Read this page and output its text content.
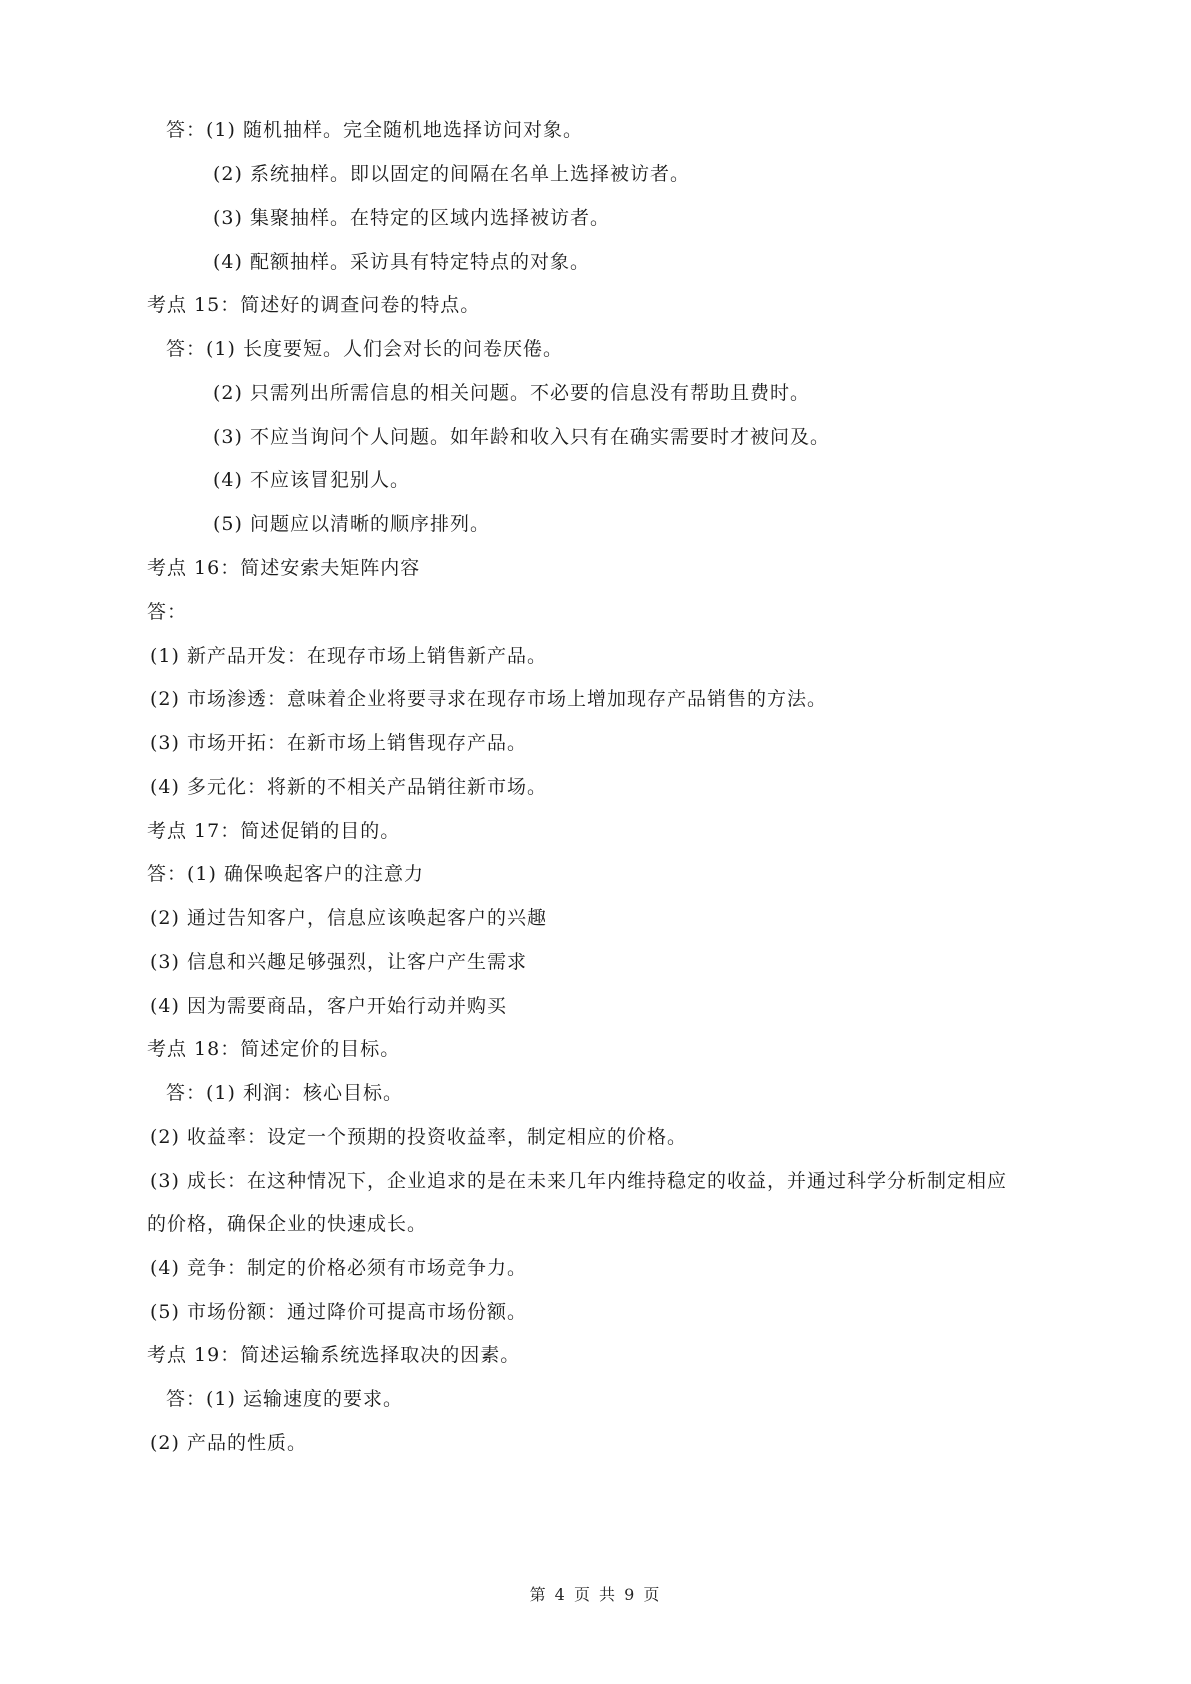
答：(1) 随机抽样。完全随机地选择访问对象。
(2) 系统抽样。即以固定的间隔在名单上选择被访者。
(3) 集聚抽样。在特定的区域内选择被访者。
(4) 配额抽样。采访具有特定特点的对象。
考点 15：简述好的调查问卷的特点。
答：(1) 长度要短。人们会对长的问卷厌倦。
(2) 只需列出所需信息的相关问题。不必要的信息没有帮助且费时。
(3) 不应当询问个人问题。如年龄和收入只有在确实需要时才被问及。
(4) 不应该冒犯别人。
(5) 问题应以清晰的顺序排列。
考点 16：简述安索夫矩阵内容
答：
(1) 新产品开发：在现存市场上销售新产品。
(2) 市场渗透：意味着企业将要寻求在现存市场上增加现存产品销售的方法。
(3) 市场开拓：在新市场上销售现存产品。
(4) 多元化：将新的不相关产品销往新市场。
考点 17：简述促销的目的。
答：(1) 确保唤起客户的注意力
(2) 通过告知客户，信息应该唤起客户的兴趣
(3) 信息和兴趣足够强烈，让客户产生需求
(4) 因为需要商品，客户开始行动并购买
考点 18：简述定价的目标。
答：(1) 利润：核心目标。
(2) 收益率：设定一个预期的投资收益率，制定相应的价格。
(3) 成长：在这种情况下，企业追求的是在未来几年内维持稳定的收益，并通过科学分析制定相应
的价格，确保企业的快速成长。
(4) 竞争：制定的价格必须有市场竞争力。
(5) 市场份额：通过降价可提高市场份额。
考点 19：简述运输系统选择取决的因素。
答：(1) 运输速度的要求。
(2) 产品的性质。
第 4 页 共 9 页
